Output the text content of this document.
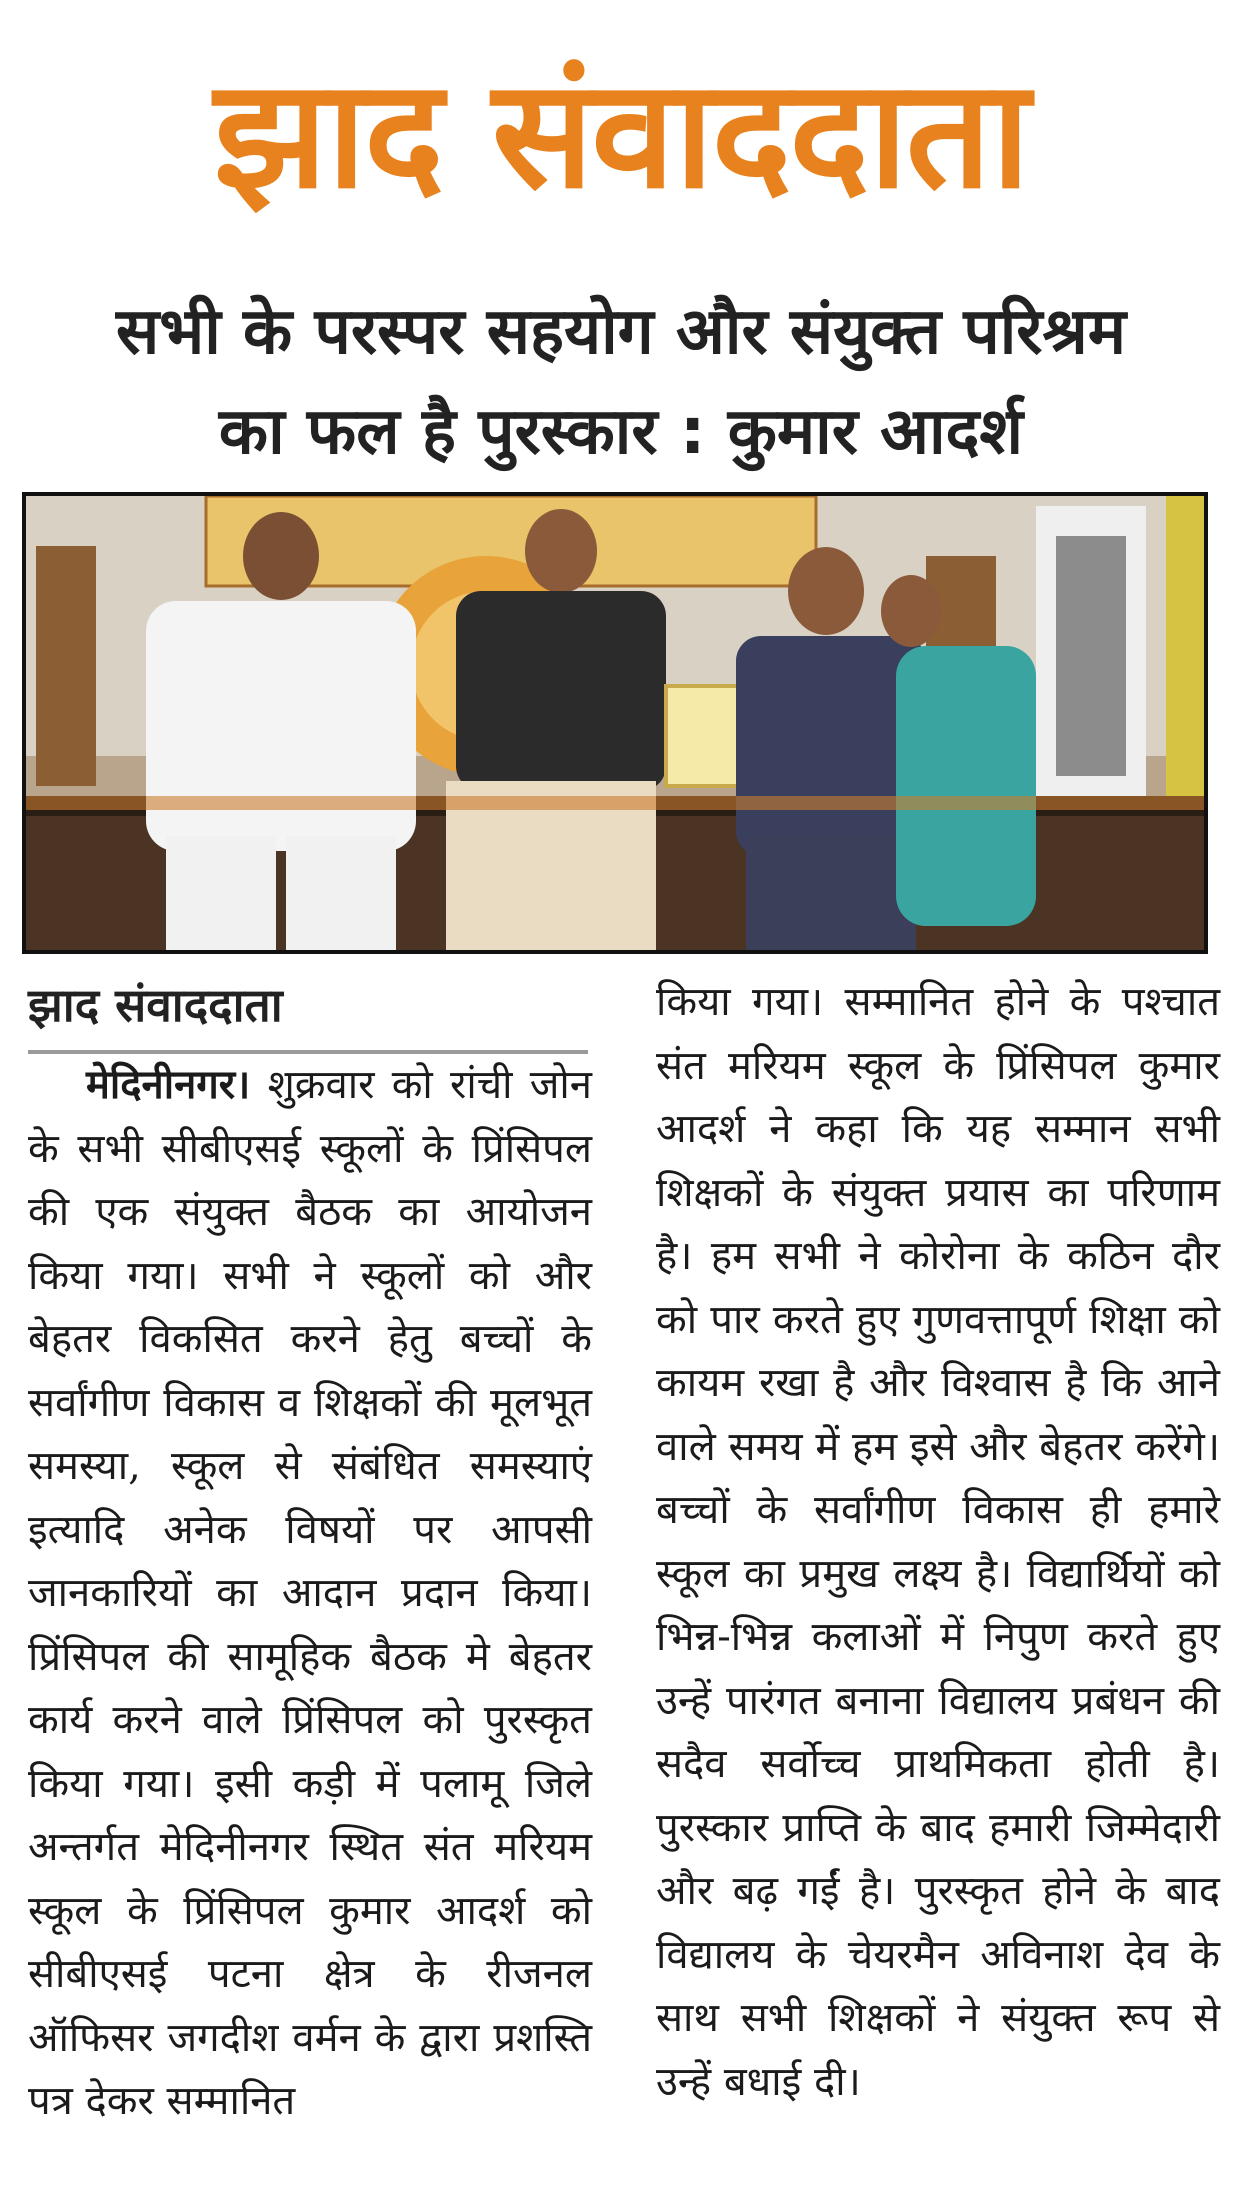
झाद संवाददाता
सभी के परस्पर सहयोग और संयुक्त परिश्रम
का फल है पुरस्कार : कुमार आदर्श
झाद संवाददाता
मेदिनीनगर। शुक्रवार को रांची जोन के सभी सीबीएसई स्कूलों के प्रिंसिपल की एक संयुक्त बैठक का आयोजन किया गया। सभी ने स्कूलों को और बेहतर विकसित करने हेतु बच्चों के सर्वांगीण विकास व शिक्षकों की मूलभूत समस्या, स्कूल से संबंधित समस्याएं इत्यादि अनेक विषयों पर आपसी जानकारियों का आदान प्रदान किया। प्रिंसिपल की सामूहिक बैठक मे बेहतर कार्य करने वाले प्रिंसिपल को पुरस्कृत किया गया। इसी कड़ी में पलामू जिले अन्तर्गत मेदिनीनगर स्थित संत मरियम स्कूल के प्रिंसिपल कुमार आदर्श को सीबीएसई पटना क्षेत्र के रीजनल ऑफिसर जगदीश वर्मन के द्वारा प्रशस्ति पत्र देकर सम्मानित
किया गया। सम्मानित होने के पश्चात संत मरियम स्कूल के प्रिंसिपल कुमार आदर्श ने कहा कि यह सम्मान सभी शिक्षकों के संयुक्त प्रयास का परिणाम है। हम सभी ने कोरोना के कठिन दौर को पार करते हुए गुणवत्तापूर्ण शिक्षा को कायम रखा है और विश्वास है कि आने वाले समय में हम इसे और बेहतर करेंगे। बच्चों के सर्वांगीण विकास ही हमारे स्कूल का प्रमुख लक्ष्य है। विद्यार्थियों को भिन्न-भिन्न कलाओं में निपुण करते हुए उन्हें पारंगत बनाना विद्यालय प्रबंधन की सदैव सर्वोच्च प्राथमिकता होती है। पुरस्कार प्राप्ति के बाद हमारी जिम्मेदारी और बढ़ गईं है। पुरस्कृत होने के बाद विद्यालय के चेयरमैन अविनाश देव के साथ सभी शिक्षकों ने संयुक्त रूप से उन्हें बधाई दी।
